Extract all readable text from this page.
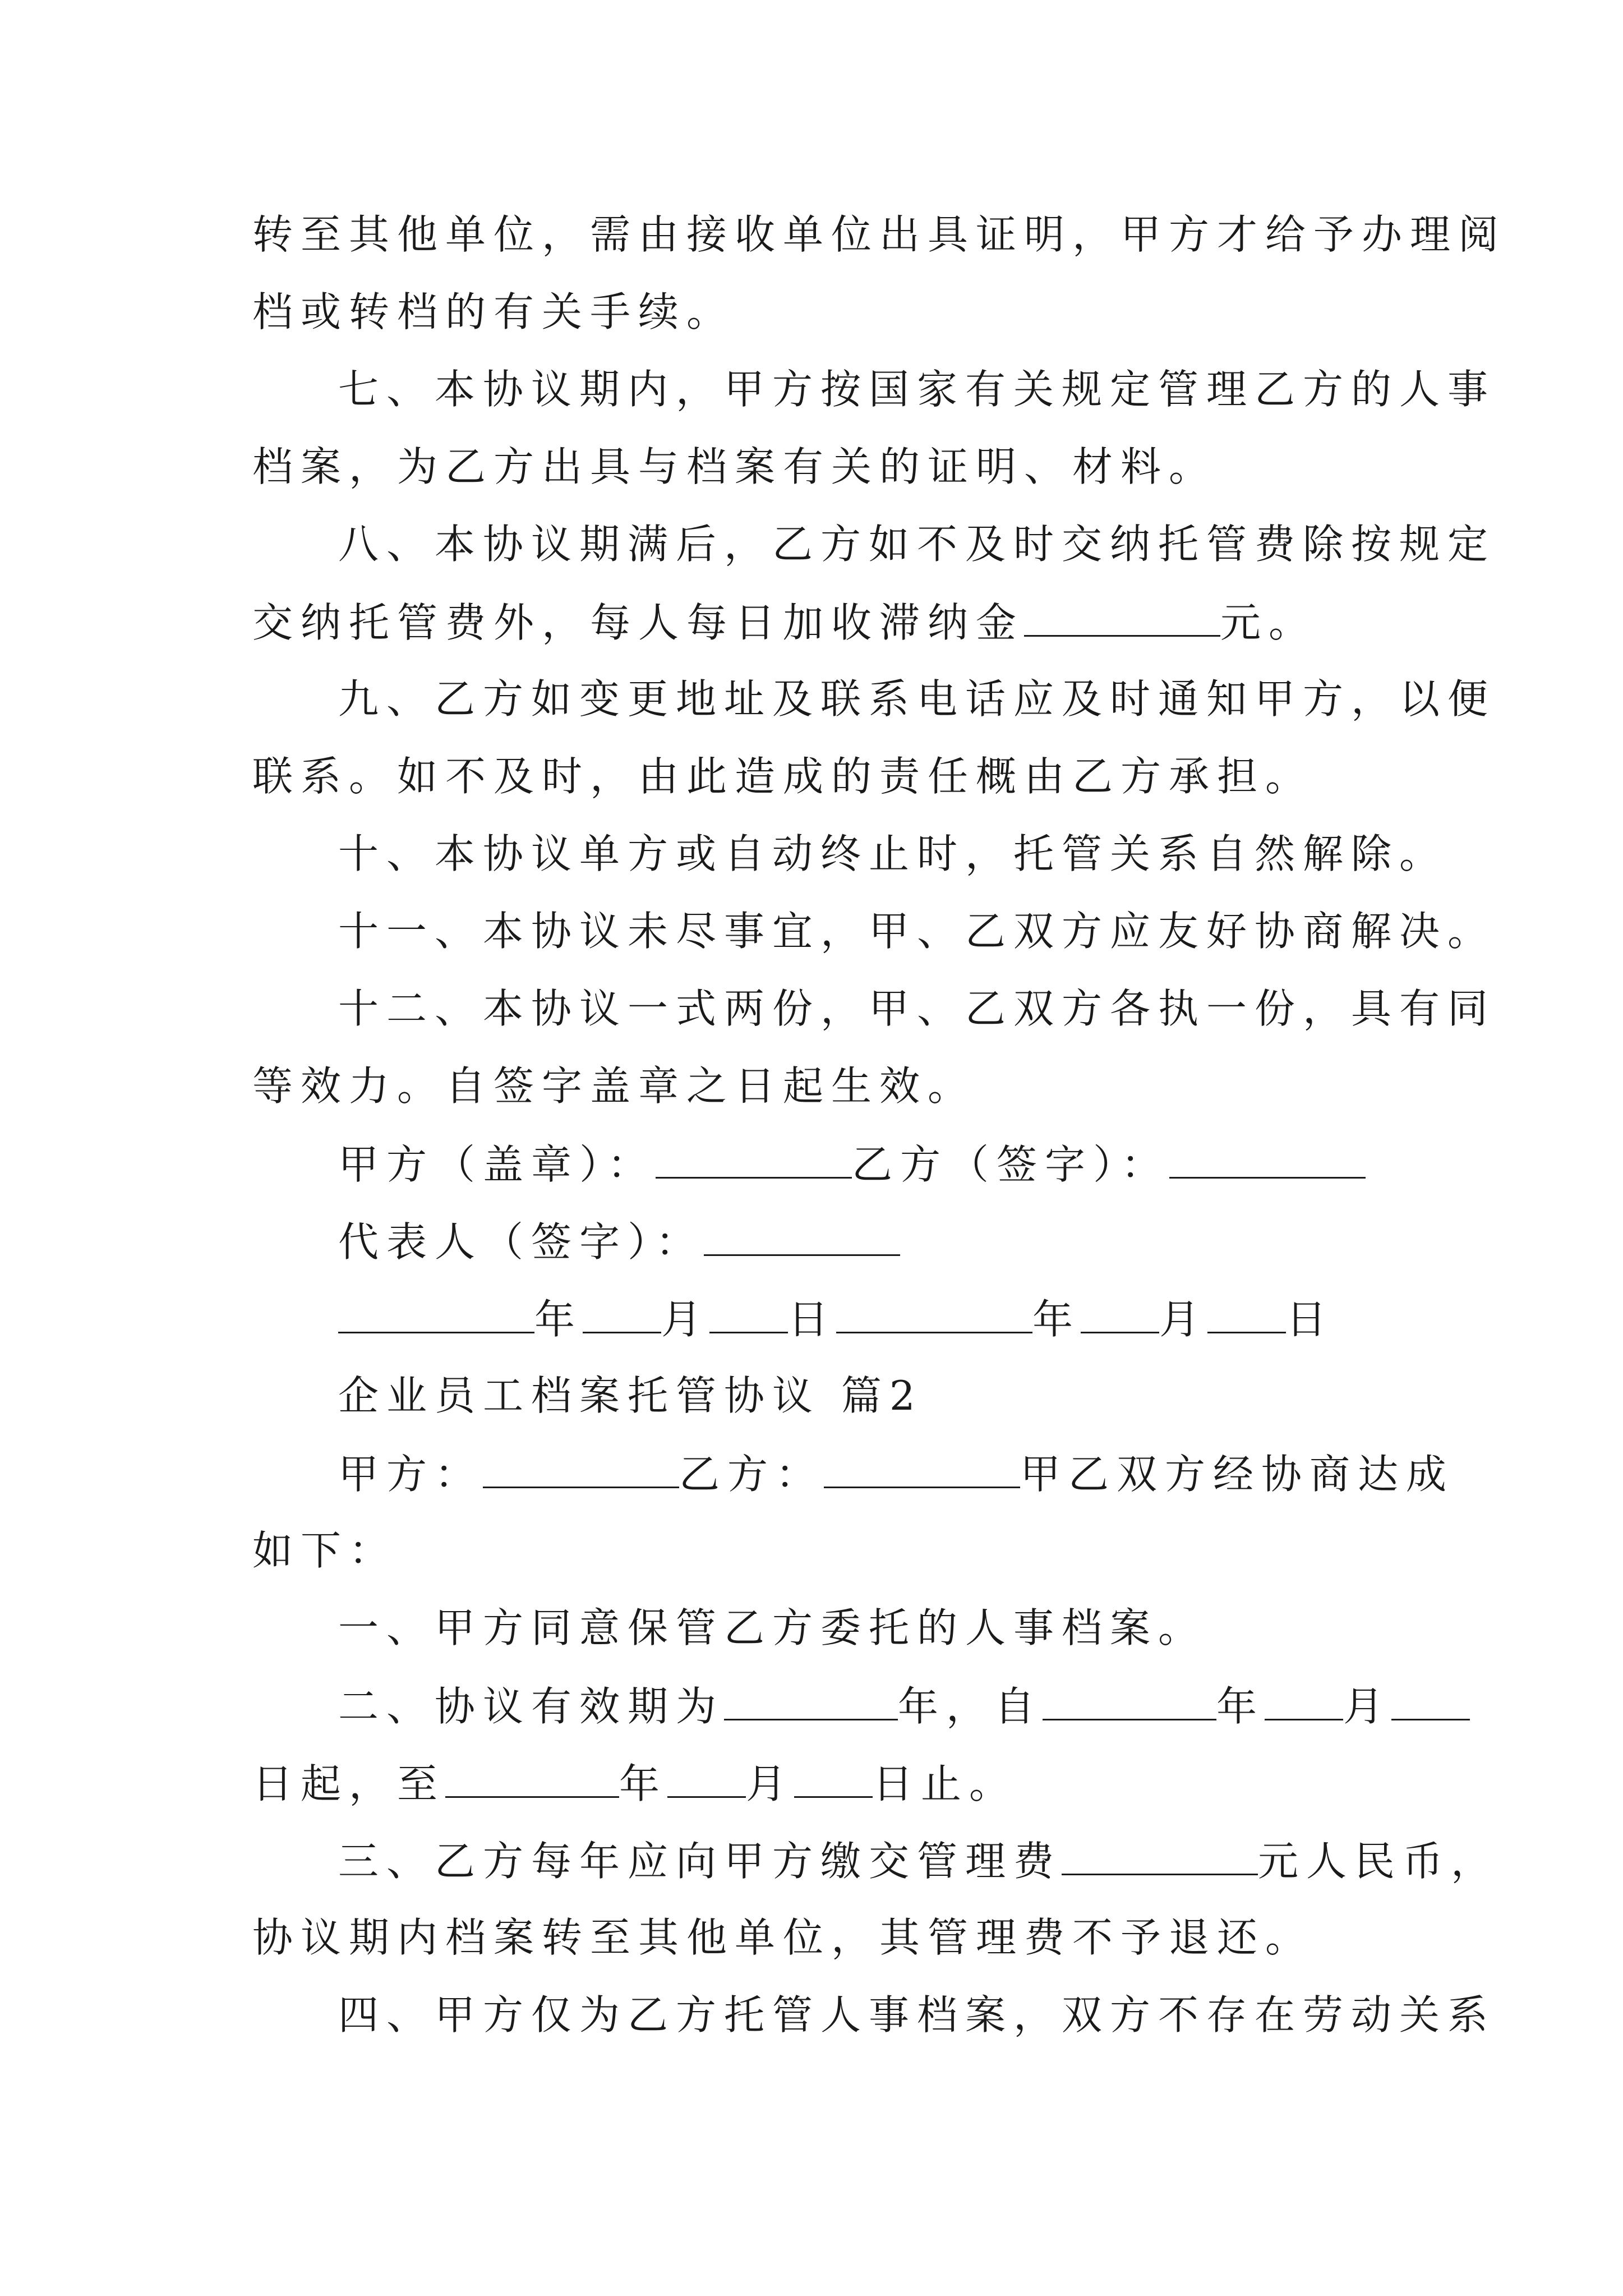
转至其他单位，需由接收单位出具证明，甲方才给予办理阅
档或转档的有关手续。
七、本协议期内，甲方按国家有关规定管理乙方的人事
档案，为乙方出具与档案有关的证明、材料。
八、本协议期满后，乙方如不及时交纳托管费除按规定
交纳托管费外，每人每日加收滞纳金	元。
九、乙方如变更地址及联系电话应及时通知甲方，以便
联系。如不及时，由此造成的责任概由乙方承担。
十、本协议单方或自动终止时，托管关系自然解除。
十一、本协议未尽事宜，甲、乙双方应友好协商解决。
十二、本协议一式两份，甲、乙双方各执一份，具有同
等效力。自签字盖章之日起生效。
甲方（盖章）：	乙方（签字）：
代表人（签字）：
年 月 日	年 月 日
企业员工档案托管协议 篇2
甲方：	乙方：	甲乙双方经协商达成
如下：
一、甲方同意保管乙方委托的人事档案。
二、协议有效期为	年，自	年 月
日起，至	年 月 日止。
三、乙方每年应向甲方缴交管理费	元人民币，
协议期内档案转至其他单位，其管理费不予退还。
四、甲方仅为乙方托管人事档案，双方不存在劳动关系
